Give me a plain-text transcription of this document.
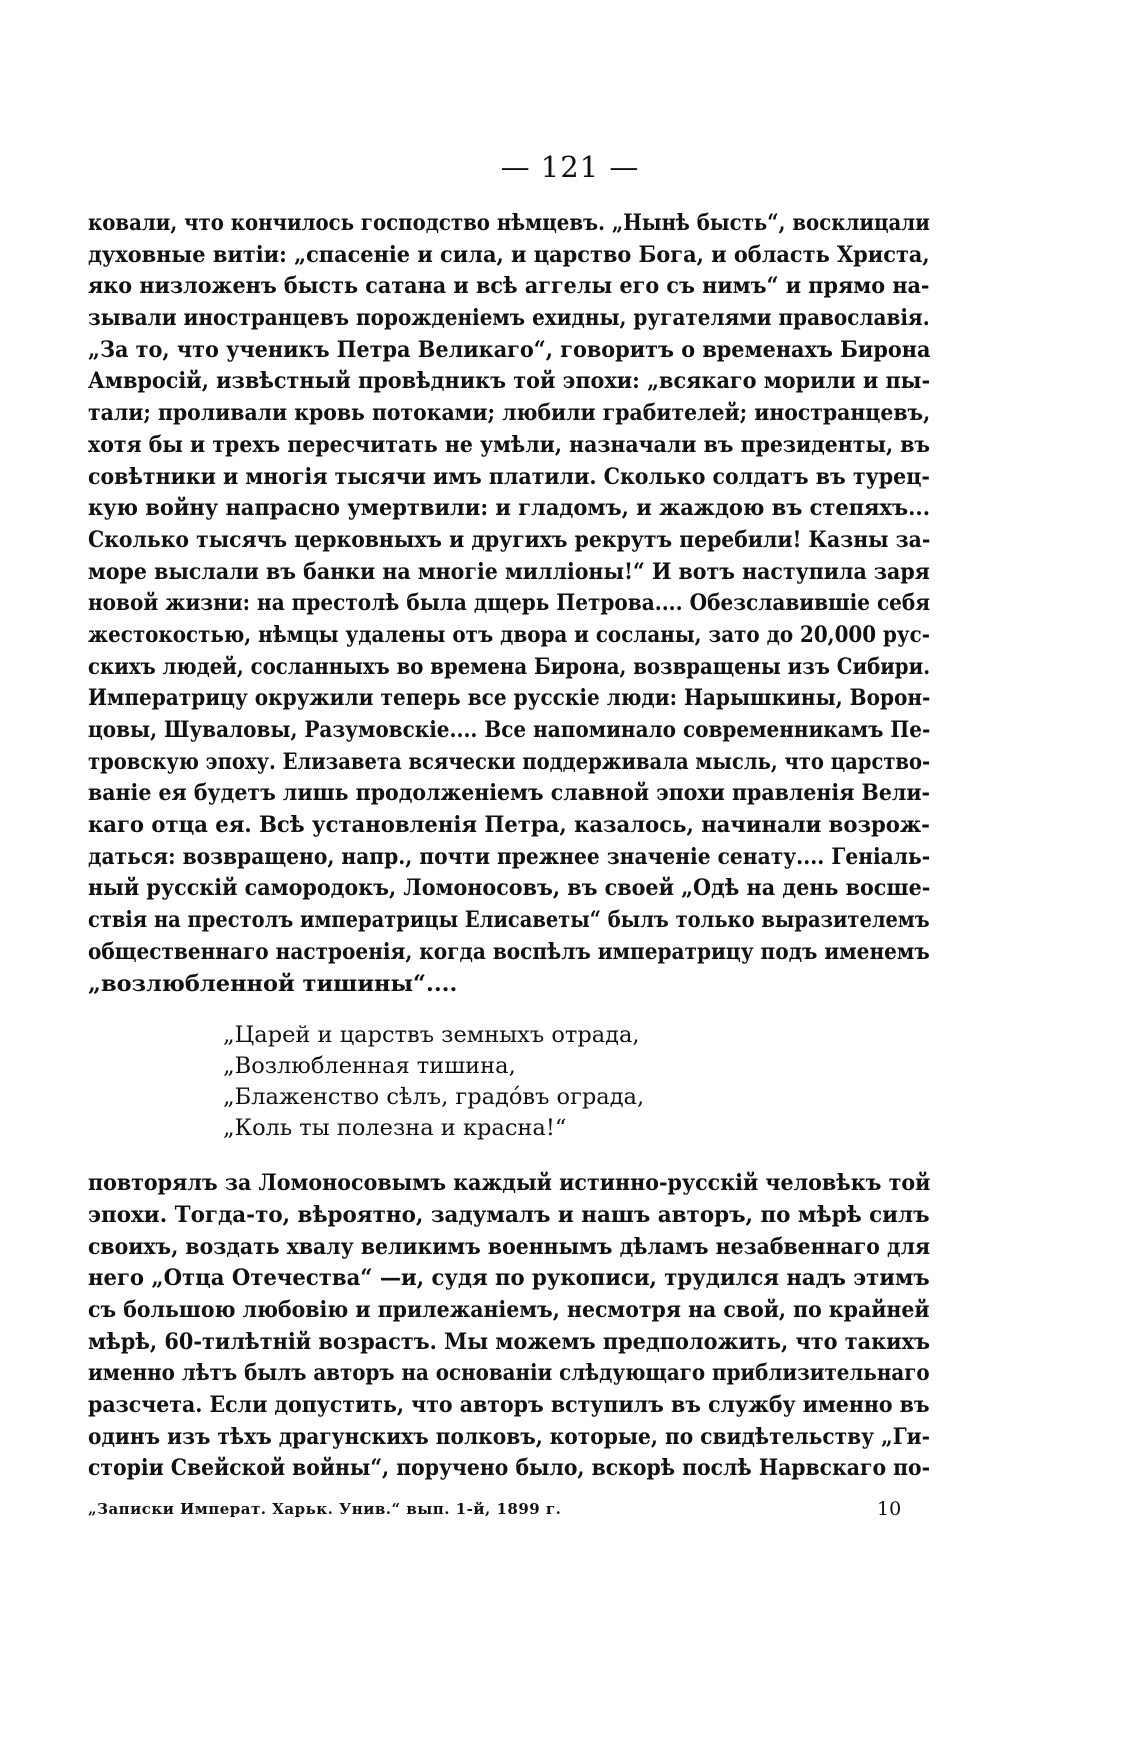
— 121 —
ковали, что кончилось господство нѣмцевъ. „Нынѣ бысть“, восклицали
духовные витіи: „спасеніе и сила, и царство Бога, и область Христа,
яко низложенъ бысть сатана и всѣ аггелы его съ нимъ“ и прямо на-
зывали иностранцевъ порожденіемъ ехидны, ругателями православія.
„За то, что ученикъ Петра Великаго“, говоритъ о временахъ Бирона
Амвросій, извѣстный провѣдникъ той эпохи: „всякаго морили и пы-
тали; проливали кровь потоками; любили грабителей; иностранцевъ,
хотя бы и трехъ пересчитать не умѣли, назначали въ президенты, въ
совѣтники и многія тысячи имъ платили. Сколько солдатъ въ турец-
кую войну напрасно умертвили: и гладомъ, и жаждою въ степяхъ...
Сколько тысячъ церковныхъ и другихъ рекрутъ перебили! Казны за-
море выслали въ банки на многіе милліоны!“ И вотъ наступила заря
новой жизни: на престолѣ была дщерь Петрова.... Обезславившіе себя
жестокостью, нѣмцы удалены отъ двора и сосланы, зато до 20,000 рус-
скихъ людей, сосланныхъ во времена Бирона, возвращены изъ Сибири.
Императрицу окружили теперь все русскіе люди: Нарышкины, Ворон-
цовы, Шуваловы, Разумовскіе.... Все напоминало современникамъ Пе-
тровскую эпоху. Елизавета всячески поддерживала мысль, что царство-
ваніе ея будетъ лишь продолженіемъ славной эпохи правленія Вели-
каго отца ея. Всѣ установленія Петра, казалось, начинали возрож-
даться: возвращено, напр., почти прежнее значеніе сенату.... Геніаль-
ный русскій самородокъ, Ломоносовъ, въ своей „Одѣ на день восше-
ствія на престолъ императрицы Елисаветы“ былъ только выразителемъ
общественнаго настроенія, когда воспѣлъ императрицу подъ именемъ
„возлюбленной тишины“....
„Царей и царствъ земныхъ отрада,
„Возлюбленная тишина,
„Блаженство сѣлъ, градо́въ ограда,
„Коль ты полезна и красна!“
повторялъ за Ломоносовымъ каждый истинно-русскій человѣкъ той
эпохи. Тогда-то, вѣроятно, задумалъ и нашъ авторъ, по мѣрѣ силъ
своихъ, воздать хвалу великимъ военнымъ дѣламъ незабвеннаго для
него „Отца Отечества“ —и, судя по рукописи, трудился надъ этимъ
съ большою любовію и прилежаніемъ, несмотря на свой, по крайней
мѣрѣ, 60-тилѣтній возрастъ. Мы можемъ предположить, что такихъ
именно лѣтъ былъ авторъ на основаніи слѣдующаго приблизительнаго
разсчета. Если допустить, что авторъ вступилъ въ службу именно въ
одинъ изъ тѣхъ драгунскихъ полковъ, которые, по свидѣтельству „Ги-
сторіи Свейской войны“, поручено было, вскорѣ послѣ Нарвскаго по-
„Записки Императ. Харьк. Унив.“ вып. 1-й, 1899 г.	10
